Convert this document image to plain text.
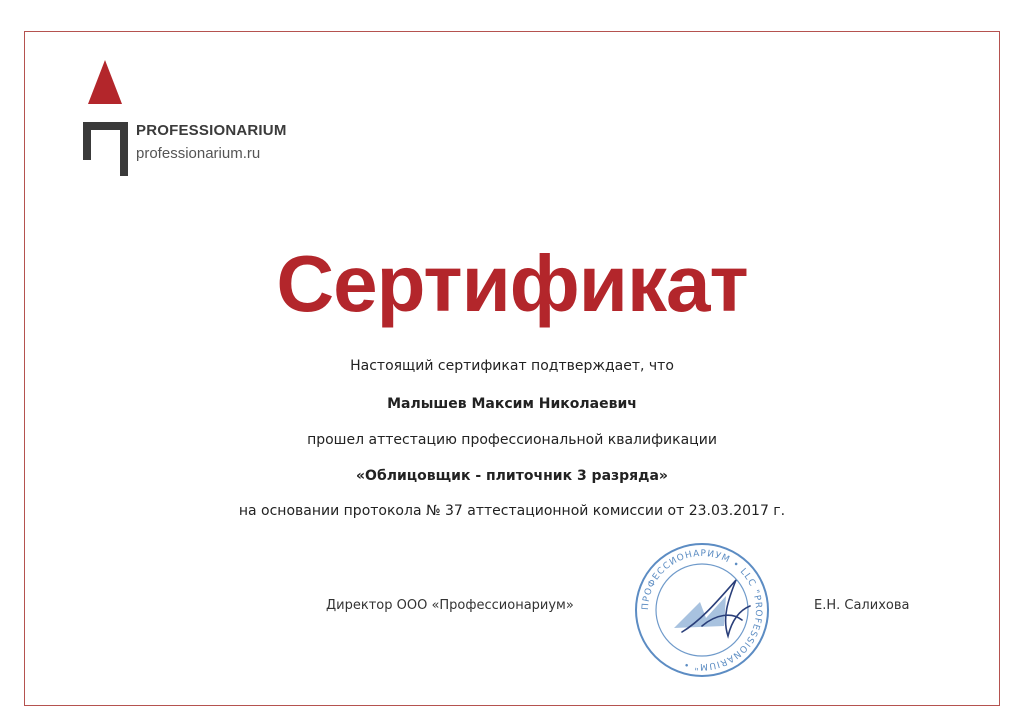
PROFESSIONARIUM
professionarium.ru
Сертификат
Настоящий сертификат подтверждает, что
Малышев Максим Николаевич
прошел аттестацию профессиональной квалификации
«Облицовщик - плиточник 3 разряда»
на основании протокола № 37 аттестационной комиссии от 23.03.2017 г.
Директор ООО «Профессионариум»	ПРОФЕССИОНАРИУМ • LLC "PROFESSIONARIUM" •
Е.Н. Салихова
